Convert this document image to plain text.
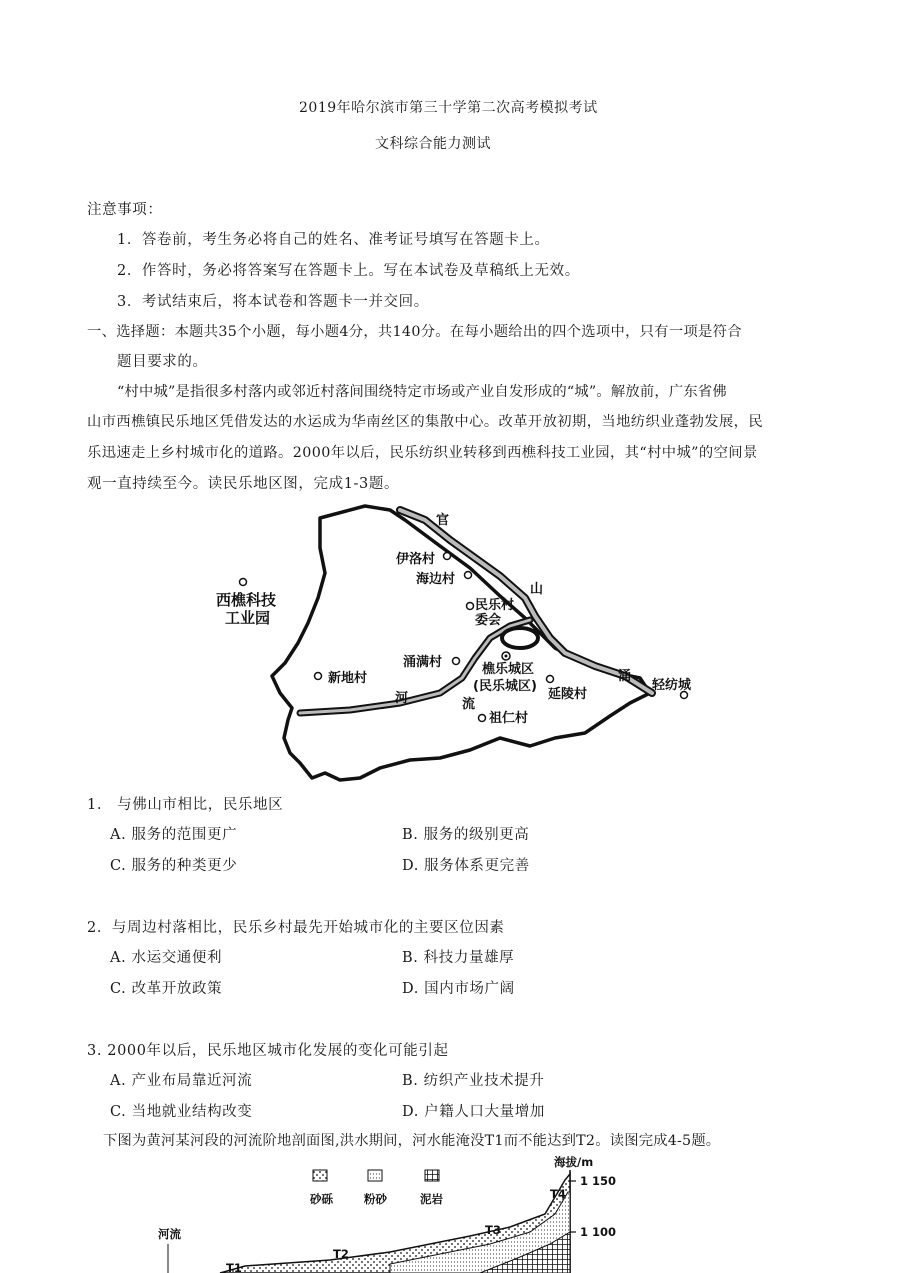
2019年哈尔滨市第三十学第二次高考模拟考试
文科综合能力测试
注意事项：
1．答卷前，考生务必将自己的姓名、准考证号填写在答题卡上。
2．作答时，务必将答案写在答题卡上。写在本试卷及草稿纸上无效。
3．考试结束后，将本试卷和答题卡一并交回。
一、选择题：本题共35个小题，每小题4分，共140分。在每小题给出的四个选项中，只有一项是符合
题目要求的。
“村中城”是指很多村落内或邻近村落间围绕特定市场或产业自发形成的“城”。解放前，广东省佛
山市西樵镇民乐地区凭借发达的水运成为华南丝区的集散中心。改革开放初期，当地纺织业蓬勃发展，民
乐迅速走上乡村城市化的道路。2000年以后，民乐纺织业转移到西樵科技工业园，其“村中城”的空间景
观一直持续至今。读民乐地区图，完成1-3题。
官
山
涌
河	流
伊洛村
海边村
民乐村
委会
西樵科技
工业园
新地村
涌满村	樵乐城区
(民乐城区)
延陵村
祖仁村
轻纺城
1.　与佛山市相比，民乐地区
A. 服务的范围更广	B. 服务的级别更高
C. 服务的种类更少	D. 服务体系更完善
2．与周边村落相比，民乐乡村最先开始城市化的主要区位因素
A. 水运交通便利	B. 科技力量雄厚
C. 改革开放政策	D. 国内市场广阔
3. 2000年以后，民乐地区城市化发展的变化可能引起
A. 产业布局靠近河流	B. 纺织产业技术提升
C. 当地就业结构改变	D. 户籍人口大量增加
下图为黄河某河段的河流阶地剖面图,洪水期间，河水能淹没T1而不能达到T2。读图完成4-5题。
砂砾	粉砂	泥岩
海拔/m
1 150
1 100
T4
T3
T2
T1
河流
